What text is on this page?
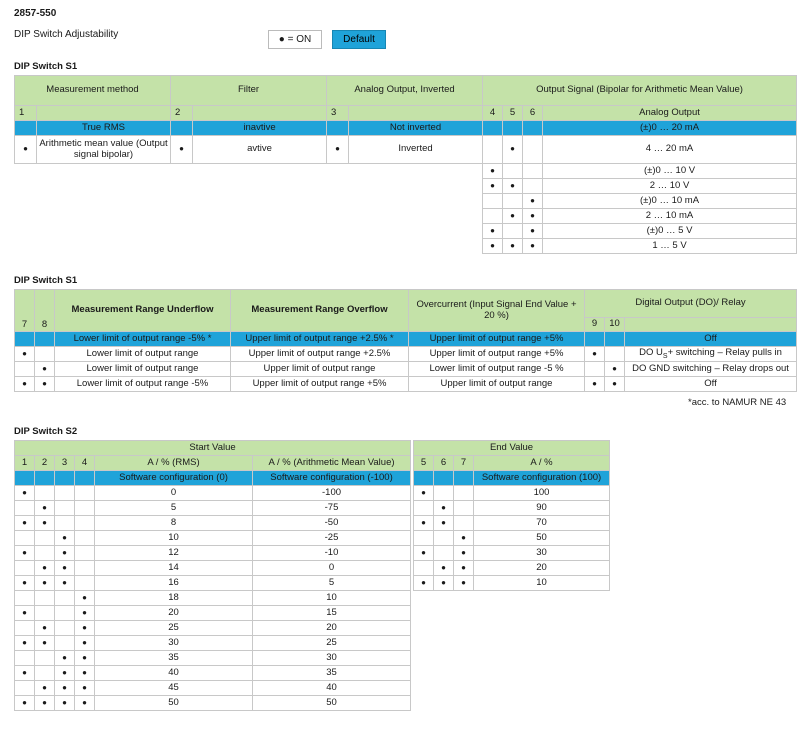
2857-550
DIP Switch Adjustability	● = ON	Default
DIP Switch S1
Measurement method		Filter		Analog Output, Inverted		Output Signal (Bipolar for Arithmetic Mean Value)			
1		2		3		4	5	6	Analog Output
	True RMS		inavtive		Not inverted				(±)0 … 20 mA
●	Arithmetic mean value (Output signal bipolar)	●	avtive	●	Inverted		●		4 … 20 mA
						●			(±)0 … 10 V
						●	●		2 … 10 V
								●	(±)0 … 10 mA
							●	●	2 … 10 mA
						●		●	(±)0 … 5 V
						●	●	●	1 … 5 V
DIP Switch S1
7	8	Measurement Range Underflow	Measurement Range Overflow	Overcurrent (Input Signal End Value + 20 %)	Digital Output (DO)/ Relay		
					9	10	
		Lower limit of output range -5% *	Upper limit of output range +2.5% *	Upper limit of output range +5%			Off
●		Lower limit of output range	Upper limit of output range +2.5%	Upper limit of output range +5%	●		DO $U_S+$ switching – Relay pulls in
	●	Lower limit of output range	Upper limit of output range	Lower limit of output range -5 %		●	DO GND switching – Relay drops out
●	●	Lower limit of output range -5%	Upper limit of output range +5%	Upper limit of output range	●	●	Off
*acc. to NAMUR NE 43
DIP Switch S2
Start Value					
1	2	3	4	A / % (RMS)	A / % (Arithmetic Mean Value)
				Software configuration (0)	Software configuration (-100)
●				0	-100
	●			5	-75
●	●			8	-50
		●		10	-25
●		●		12	-10
	●	●		14	0
●	●	●		16	5
			●	18	10
●			●	20	15
	●		●	25	20
●	●		●	30	25
		●	●	35	30
●		●	●	40	35
	●	●	●	45	40
●	●	●	●	50	50
End Value			
5	6	7	A / %
			Software configuration (100)
●			100
	●		90
●	●		70
		●	50
●		●	30
	●	●	20
●	●	●	10
